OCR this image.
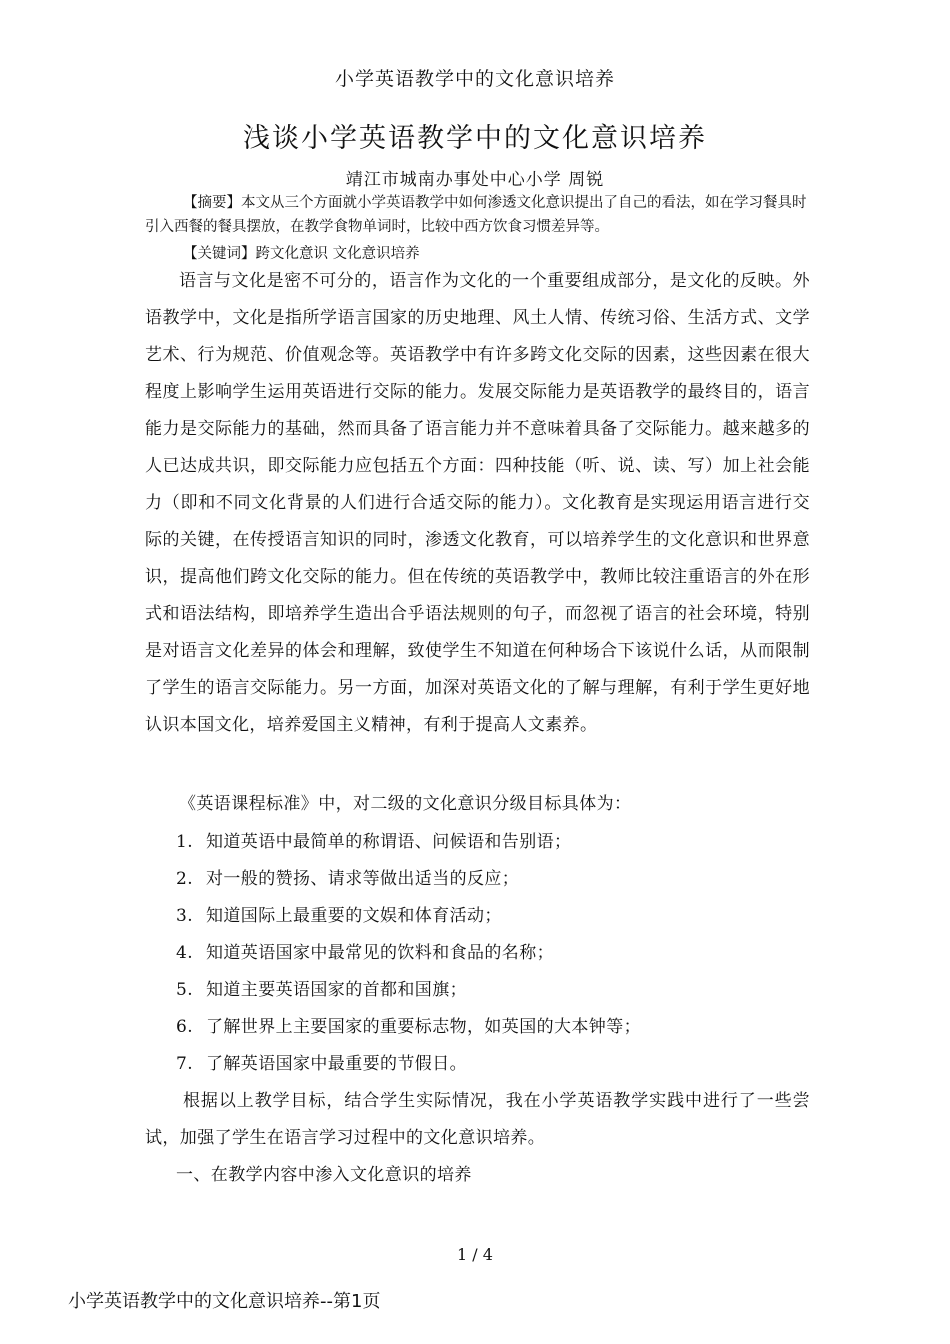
小学英语教学中的文化意识培养
浅谈小学英语教学中的文化意识培养
靖江市城南办事处中心小学 周锐

【摘要】本文从三个方面就小学英语教学中如何渗透文化意识提出了自己的看法，如在学习餐具时引入西餐的餐具摆放，在教学食物单词时，比较中西方饮食习惯差异等。

【关键词】跨文化意识 文化意识培养

语言与文化是密不可分的，语言作为文化的一个重要组成部分，是文化的反映。外语教学中，文化是指所学语言国家的历史地理、风土人情、传统习俗、生活方式、文学艺术、行为规范、价值观念等。英语教学中有许多跨文化交际的因素，这些因素在很大程度上影响学生运用英语进行交际的能力。发展交际能力是英语教学的最终目的，语言能力是交际能力的基础，然而具备了语言能力并不意味着具备了交际能力。越来越多的人已达成共识，即交际能力应包括五个方面：四种技能（听、说、读、写）加上社会能力（即和不同文化背景的人们进行合适交际的能力）。文化教育是实现运用语言进行交际的关键，在传授语言知识的同时，渗透文化教育，可以培养学生的文化意识和世界意识，提高他们跨文化交际的能力。但在传统的英语教学中，教师比较注重语言的外在形式和语法结构，即培养学生造出合乎语法规则的句子，而忽视了语言的社会环境，特别是对语言文化差异的体会和理解，致使学生不知道在何种场合下该说什么话，从而限制了学生的语言交际能力。另一方面，加深对英语文化的了解与理解，有利于学生更好地认识本国文化，培养爱国主义精神，有利于提高人文素养。

《英语课程标准》中，对二级的文化意识分级目标具体为：

1. 知道英语中最简单的称谓语、问候语和告别语；
2. 对一般的赞扬、请求等做出适当的反应；
3. 知道国际上最重要的文娱和体育活动；
4. 知道英语国家中最常见的饮料和食品的名称；
5. 知道主要英语国家的首都和国旗；
6. 了解世界上主要国家的重要标志物，如英国的大本钟等；
7. 了解英语国家中最重要的节假日。

根据以上教学目标，结合学生实际情况，我在小学英语教学实践中进行了一些尝试，加强了学生在语言学习过程中的文化意识培养。

一、在教学内容中渗入文化意识的培养
1 / 4
小学英语教学中的文化意识培养--第1页
